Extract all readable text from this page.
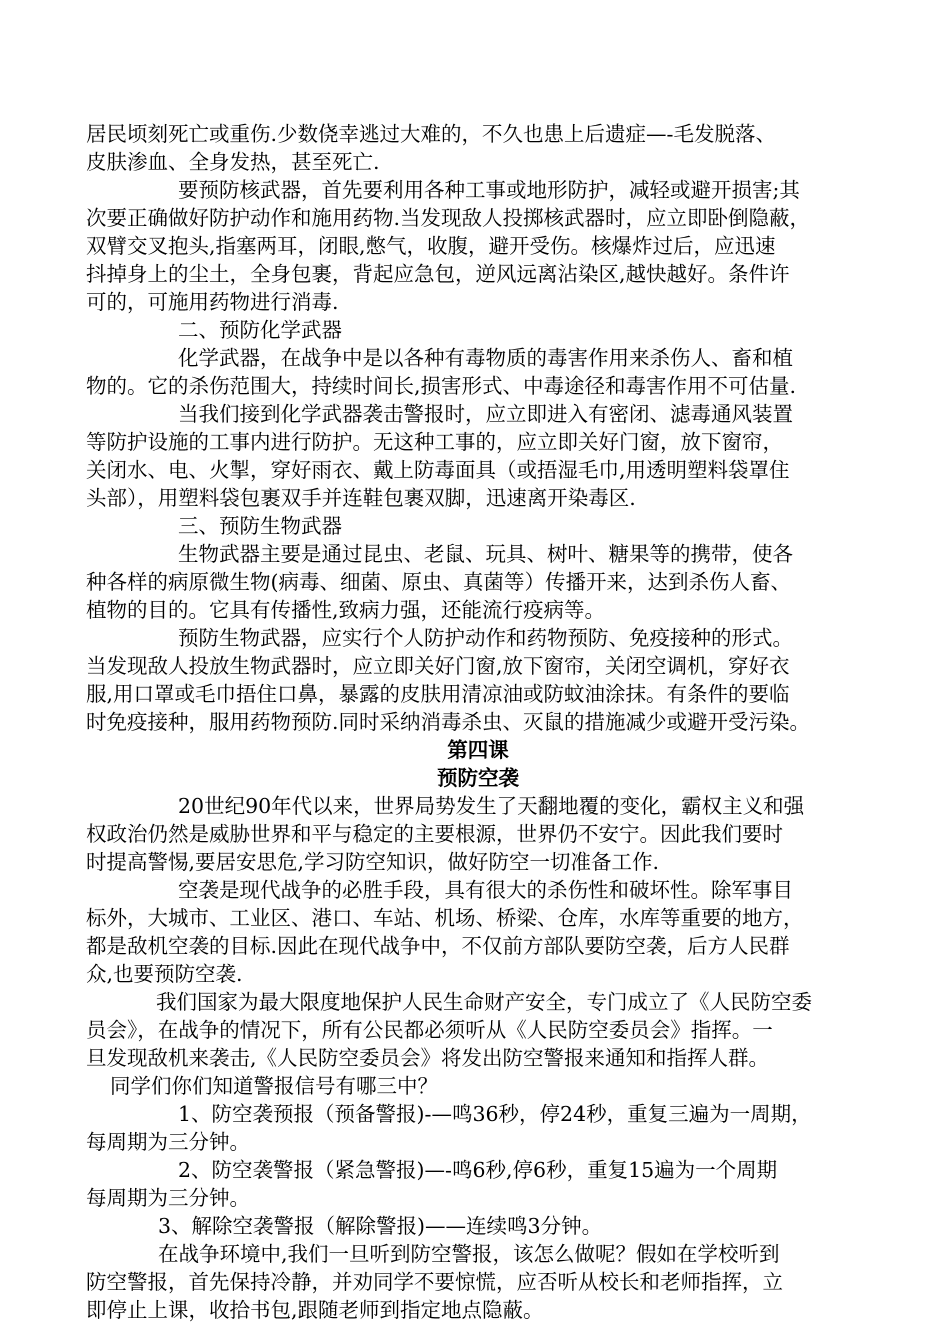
居民顷刻死亡或重伤.少数侥幸逃过大难的，不久也患上后遗症—-毛发脱落、
皮肤渗血、全身发热，甚至死亡.
要预防核武器，首先要利用各种工事或地形防护，减轻或避开损害;其
次要正确做好防护动作和施用药物.当发现敌人投掷核武器时，应立即卧倒隐蔽，
双臂交叉抱头,指塞两耳，闭眼,憋气，收腹，避开受伤。核爆炸过后，应迅速
抖掉身上的尘土，全身包裹，背起应急包，逆风远离沾染区,越快越好。条件许
可的，可施用药物进行消毒.
二、预防化学武器
化学武器，在战争中是以各种有毒物质的毒害作用来杀伤人、畜和植
物的。它的杀伤范围大，持续时间长,损害形式、中毒途径和毒害作用不可估量.
当我们接到化学武器袭击警报时，应立即进入有密闭、滤毒通风装置
等防护设施的工事内进行防护。无这种工事的，应立即关好门窗，放下窗帘，
关闭水、电、火掣，穿好雨衣、戴上防毒面具（或捂湿毛巾,用透明塑料袋罩住
头部），用塑料袋包裹双手并连鞋包裹双脚，迅速离开染毒区.
三、预防生物武器
生物武器主要是通过昆虫、老鼠、玩具、树叶、糖果等的携带，使各
种各样的病原微生物(病毒、细菌、原虫、真菌等）传播开来，达到杀伤人畜、
植物的目的。它具有传播性,致病力强，还能流行疫病等。
预防生物武器，应实行个人防护动作和药物预防、免疫接种的形式。
当发现敌人投放生物武器时，应立即关好门窗,放下窗帘，关闭空调机，穿好衣
服,用口罩或毛巾捂住口鼻，暴露的皮肤用清凉油或防蚊油涂抹。有条件的要临
时免疫接种，服用药物预防.同时采纳消毒杀虫、灭鼠的措施减少或避开受污染。
第四课
预防空袭
20世纪90年代以来，世界局势发生了天翻地覆的变化，霸权主义和强
权政治仍然是威胁世界和平与稳定的主要根源，世界仍不安宁。因此我们要时
时提高警惕,要居安思危,学习防空知识，做好防空一切准备工作.
空袭是现代战争的必胜手段，具有很大的杀伤性和破坏性。除军事目
标外，大城市、工业区、港口、车站、机场、桥梁、仓库，水库等重要的地方，
都是敌机空袭的目标.因此在现代战争中，不仅前方部队要防空袭，后方人民群
众,也要预防空袭.
我们国家为最大限度地保护人民生命财产安全，专门成立了《人民防空委
员会》，在战争的情况下，所有公民都必须听从《人民防空委员会》指挥。一
旦发现敌机来袭击,《人民防空委员会》将发出防空警报来通知和指挥人群。
同学们你们知道警报信号有哪三中？
1、防空袭预报（预备警报)-—鸣36秒，停24秒，重复三遍为一周期，
每周期为三分钟。
2、防空袭警报（紧急警报)—-鸣6秒,停6秒，重复15遍为一个周期
每周期为三分钟。
3、解除空袭警报（解除警报)——连续鸣3分钟。
在战争环境中,我们一旦听到防空警报，该怎么做呢？假如在学校听到
防空警报，首先保持冷静，并劝同学不要惊慌，应否听从校长和老师指挥，立
即停止上课，收拾书包,跟随老师到指定地点隐蔽。
